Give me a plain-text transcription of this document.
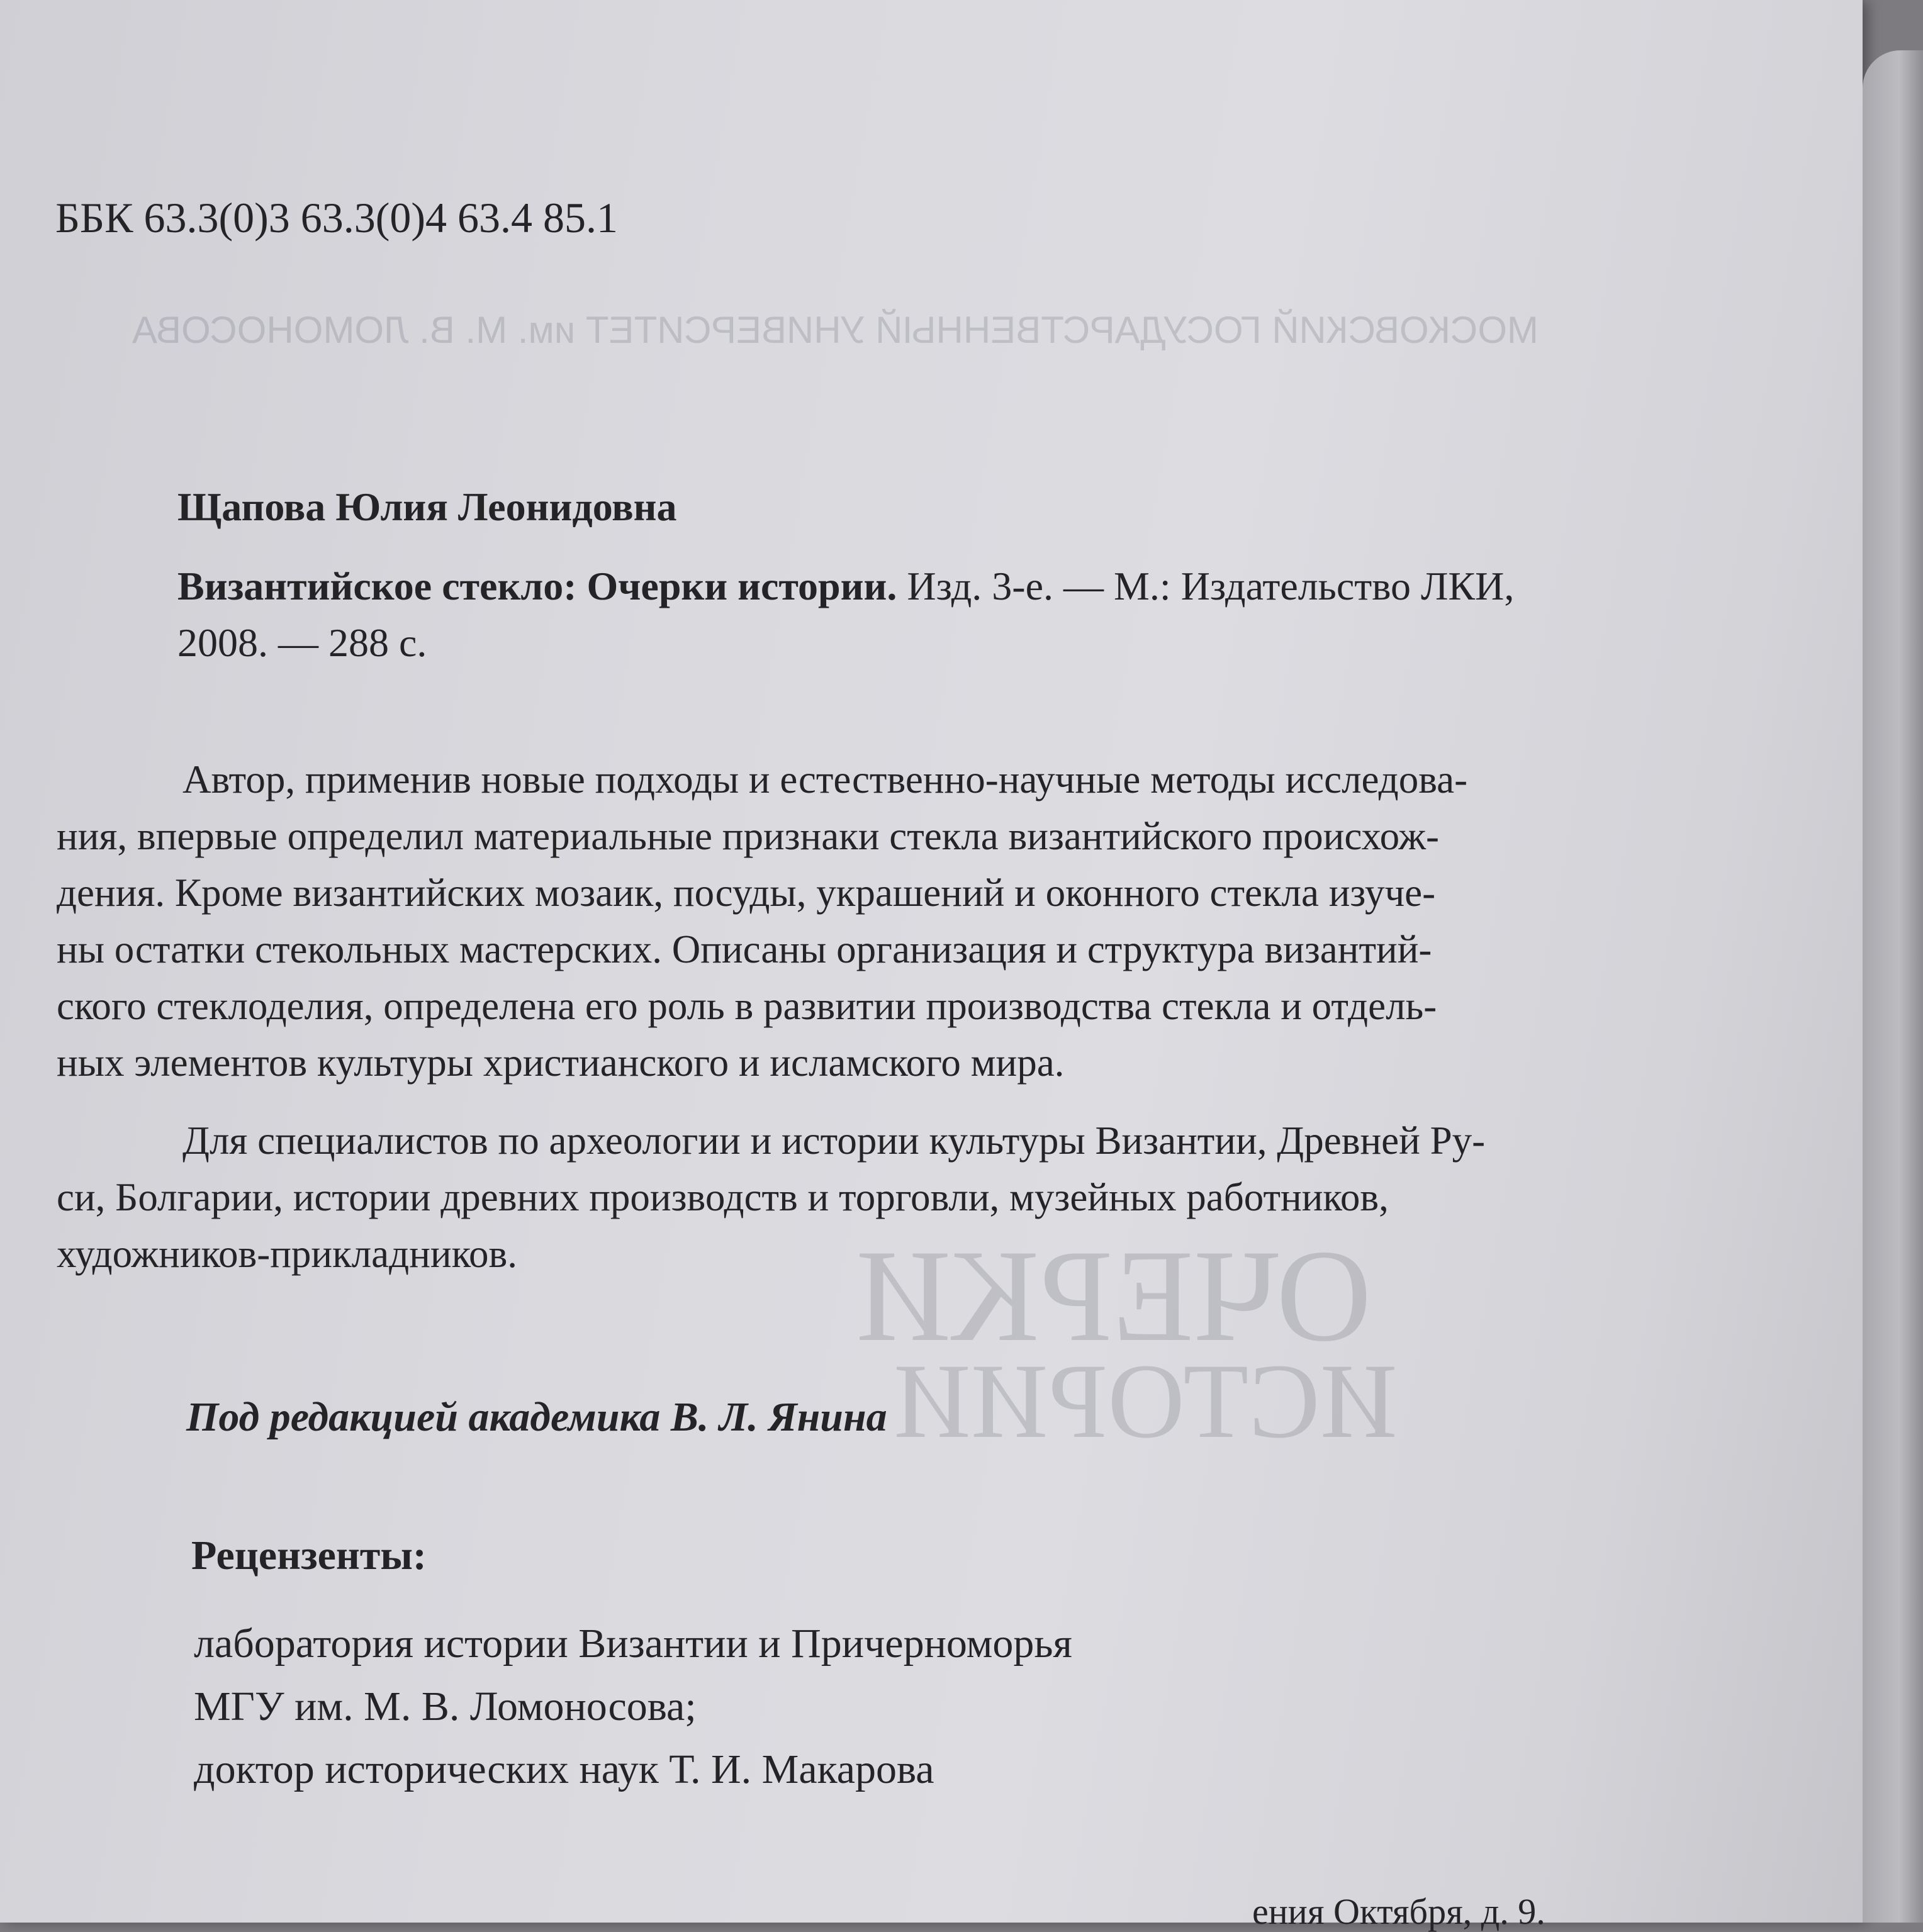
МОСКОВСКИЙ ГОСУДАРСТВЕННЫЙ УНИВЕРСИТЕТ им. М. В. ЛОМОНОСОВА
ОЧЕРКИ
ИСТОРИИ
ББК 63.3(0)3 63.3(0)4 63.4 85.1
Щапова Юлия Леонидовна
Византийское стекло: Очерки истории. Изд. 3-е. — М.: Издательство ЛКИ,
2008. — 288 с.
Автор, применив новые подходы и естественно-научные методы исследова-
ния, впервые определил материальные признаки стекла византийского происхож-
дения. Кроме византийских мозаик, посуды, украшений и оконного стекла изуче-
ны остатки стекольных мастерских. Описаны организация и структура византий-
ского стеклоделия, определена его роль в развитии производства стекла и отдель-
ных элементов культуры христианского и исламского мира.
Для специалистов по археологии и истории культуры Византии, Древней Ру-
си, Болгарии, истории древних производств и торговли, музейных работников,
художников-прикладников.
Под редакцией академика В. Л. Янина
Рецензенты:
лаборатория истории Византии и Причерноморья
МГУ им. М. В. Ломоносова;
доктор исторических наук Т. И. Макарова
ения Октября, д. 9.
